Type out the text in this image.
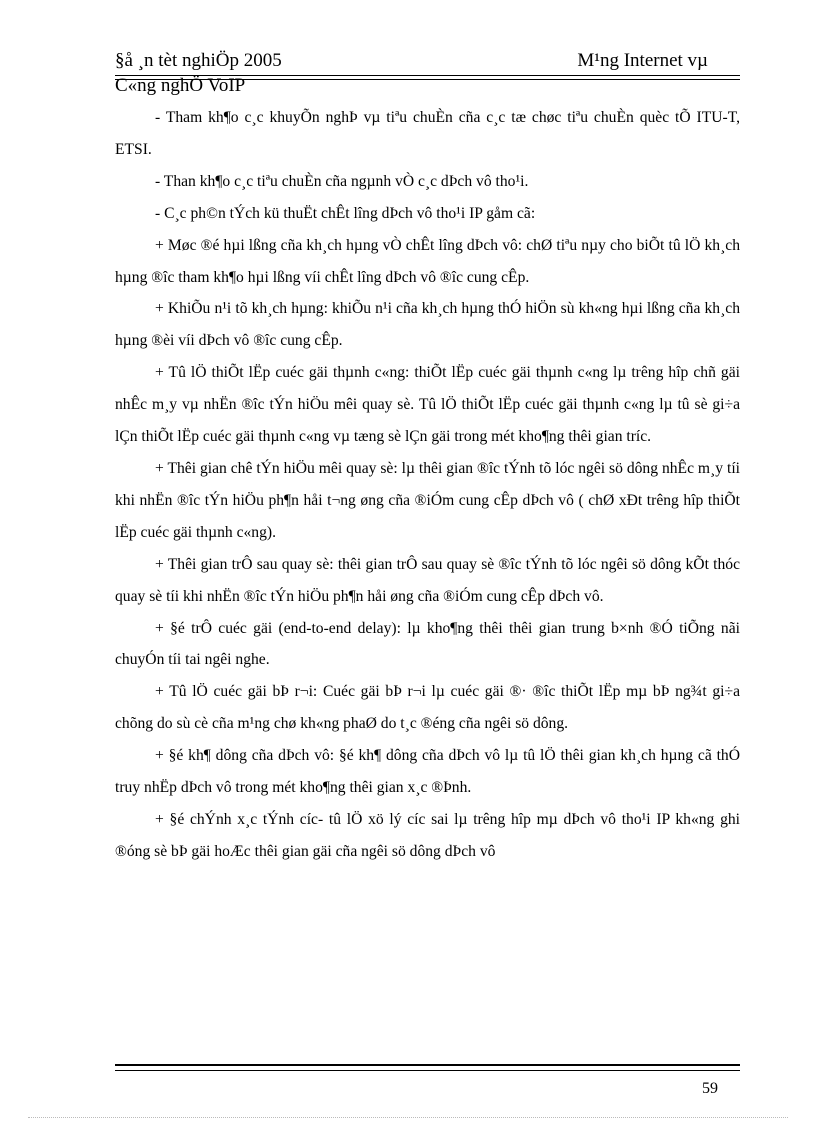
§å ¸n tèt nghiÖp 2005	M¹ng Internet vµ
C«ng nghÖ VoIP

- Tham kh¶o c¸c khuyÕn nghÞ vµ tiªu chuÈn cña c¸c tæ chøc tiªu chuÈn quèc tÕ ITU-T, ETSI.

- Than kh¶o c¸c tiªu chuÈn cña ngµnh vÒ c¸c dÞch vô tho¹i.

- C¸c ph©n tÝch kü thuËt chÊt lîng dÞch vô tho¹i IP gåm cã:

+ Møc ®é hµi lßng cña kh¸ch hµng vÒ chÊt lîng dÞch vô: chØ tiªu nµy cho biÕt tû lÖ kh¸ch hµng ®îc tham kh¶o hµi lßng víi chÊt lîng dÞch vô ®îc cung cÊp.

+ KhiÕu n¹i tõ kh¸ch hµng: khiÕu n¹i cña kh¸ch hµng thÓ hiÖn sù kh«ng hµi lßng cña kh¸ch hµng ®èi víi dÞch vô ®îc cung cÊp.

+ Tû lÖ thiÕt lËp cuéc gäi thµnh c«ng: thiÕt lËp cuéc gäi thµnh c«ng lµ trêng hîp chñ gäi nhÊc m¸y vµ nhËn ®îc tÝn hiÖu mêi quay sè. Tû lÖ thiÕt lËp cuéc gäi thµnh c«ng lµ tû sè gi÷a lÇn thiÕt lËp cuéc gäi thµnh c«ng vµ tæng sè lÇn gäi trong mét kho¶ng thêi gian tríc.

+ Thêi gian chê tÝn hiÖu mêi quay sè: lµ thêi gian ®îc tÝnh tõ lóc ngêi sö dông nhÊc m¸y tíi khi nhËn ®îc tÝn hiÖu ph¶n håi t¬ng øng cña ®iÓm cung cÊp dÞch vô ( chØ xÐt trêng hîp thiÕt lËp cuéc gäi thµnh c«ng).

+ Thêi gian trÔ sau quay sè: thêi gian trÔ sau quay sè ®îc tÝnh tõ lóc ngêi sö dông kÕt thóc quay sè tíi khi nhËn ®îc tÝn hiÖu ph¶n håi øng cña ®iÓm cung cÊp dÞch vô.

+ §é trÔ cuéc gäi (end-to-end delay): lµ kho¶ng thêi thêi gian trung b×nh ®Ó tiÕng nãi chuyÓn tíi tai ngêi nghe.

+ Tû lÖ cuéc gäi bÞ r¬i: Cuéc gäi bÞ r¬i lµ cuéc gäi ®· ®îc thiÕt lËp mµ bÞ ng¾t gi÷a chõng do sù cè cña m¹ng chø kh«ng phaØ do t¸c ®éng cña ngêi sö dông.

+ §é kh¶ dông cña dÞch vô: §é kh¶ dông cña dÞch vô lµ tû lÖ thêi gian kh¸ch hµng cã thÓ truy nhËp dÞch vô trong mét kho¶ng thêi gian x¸c ®Þnh.

+ §é chÝnh x¸c tÝnh cíc- tû lÖ xö lý cíc sai lµ trêng hîp mµ dÞch vô tho¹i IP kh«ng ghi ®óng sè bÞ gäi hoÆc thêi gian gäi cña ngêi sö dông dÞch vô

59
